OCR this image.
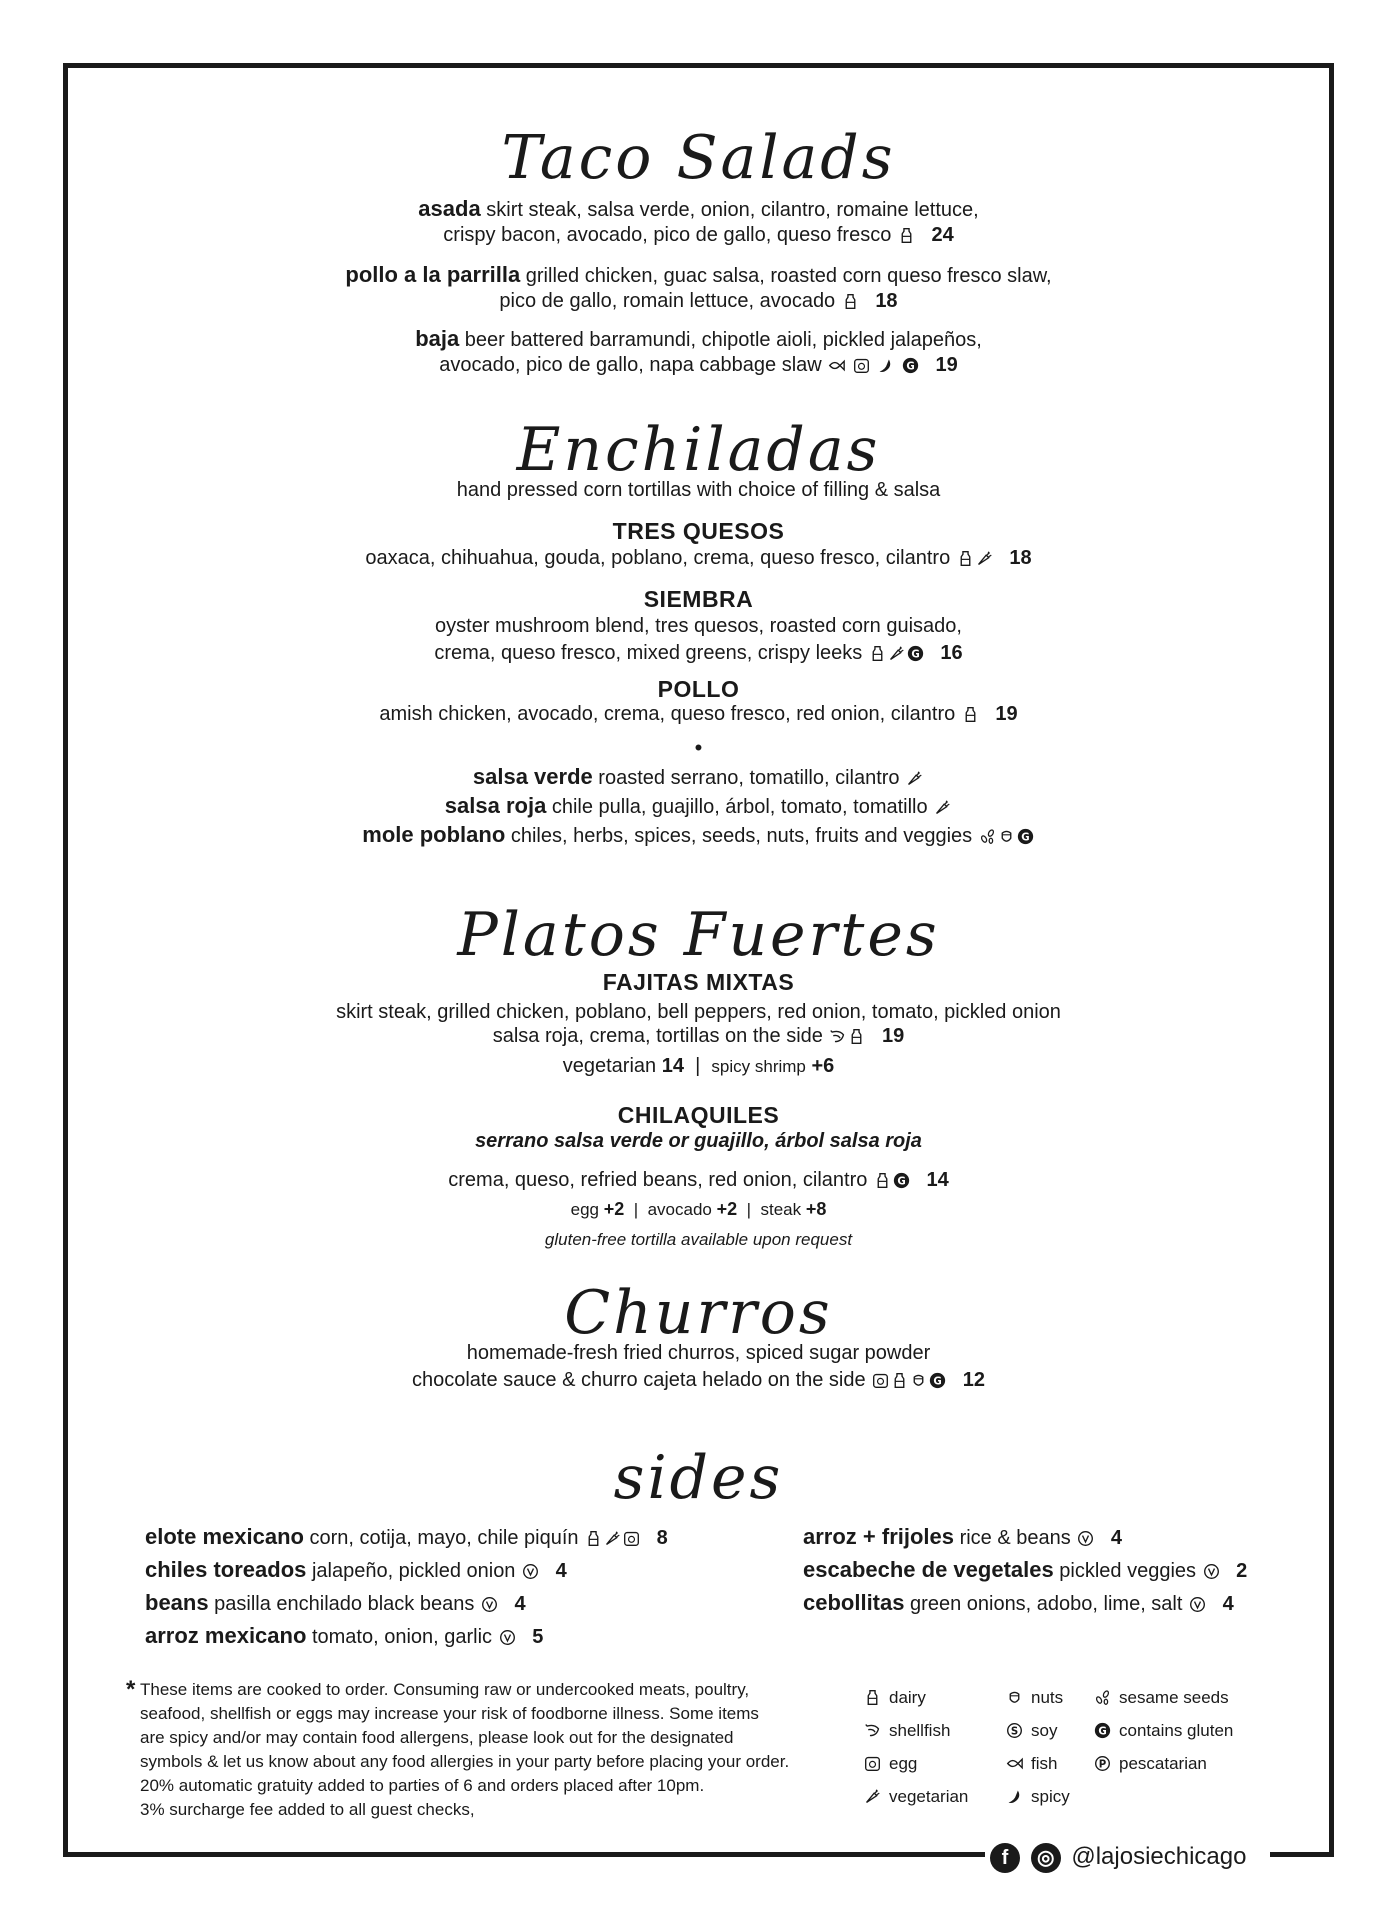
Taco Salads
asada skirt steak, salsa verde, onion, cilantro, romaine lettuce,
crispy bacon, avocado, pico de gallo, queso fresco 24
pollo a la parrilla grilled chicken, guac salsa, roasted corn queso fresco slaw,
pico de gallo, romain lettuce, avocado 18
baja beer battered barramundi, chipotle aioli, pickled jalapeños,
avocado, pico de gallo, napa cabbage slaw

	19
Enchiladas
hand pressed corn tortillas with choice of filling & salsa
TRES QUESOS
oaxaca, chihuahua, gouda, poblano, crema, queso fresco, cilantro	18
SIEMBRA
oyster mushroom blend, tres quesos, roasted corn guisado,
crema, queso fresco, mixed greens, crispy leeks	16
POLLO
amish chicken, avocado, crema, queso fresco, red onion, cilantro 19
•
salsa verde roasted serrano, tomatillo, cilantro
salsa roja chile pulla, guajillo, árbol, tomato, tomatillo
mole poblano chiles, herbs, spices, seeds, nuts, fruits and veggies
Platos Fuertes
FAJITAS MIXTAS
skirt steak, grilled chicken, poblano, bell peppers, red onion, tomato, pickled onion
salsa roja, crema, tortillas on the side	19
vegetarian 14 | spicy shrimp +6
CHILAQUILES
serrano salsa verde or guajillo, árbol salsa roja
crema, queso, refried beans, red onion, cilantro	14
egg +2 | avocado +2 | steak +8
gluten-free tortilla available upon request
Churros
homemade-fresh fried churros, spiced sugar powder
chocolate sauce & churro cajeta helado on the side	12
sides
elote mexicano corn, cotija, mayo, chile piquín	8
chiles toreados jalapeño, pickled onion 4
beans pasilla enchilado black beans 4
arroz mexicano tomato, onion, garlic 5
arroz + frijoles rice & beans 4
escabeche de vegetales pickled veggies 2
cebollitas green onions, adobo, lime, salt 4
* These items are cooked to order. Consuming raw or undercooked meats, poultry,
seafood, shellfish or eggs may increase your risk of foodborne illness. Some items
are spicy and/or may contain food allergens, please look out for the designated
symbols & let us know about any food allergies in your party before placing your order.
20% automatic gratuity added to parties of 6 and orders placed after 10pm.
3% surcharge fee added to all guest checks,
dairy
shellfish
egg
vegetarian
nuts
soy
fish
spicy
sesame seeds
contains gluten
pescatarian
f ◎ @lajosiechicago
